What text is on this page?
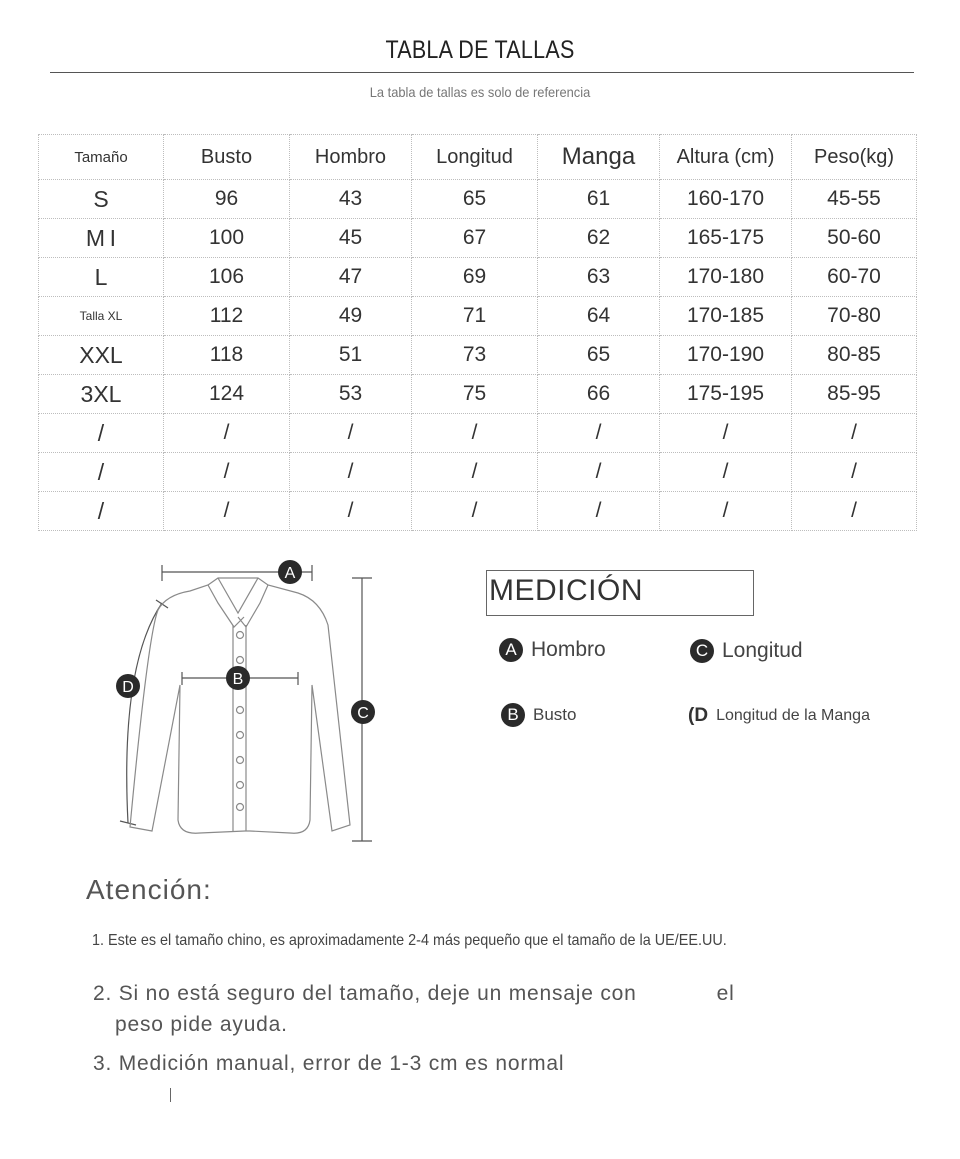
TABLA DE TALLAS
La tabla de tallas es solo de referencia
Tamaño	Busto	Hombro	Longitud	Manga	Altura (cm)	Peso(kg)
S	96	43	65	61	160-170	45-55
M I	100	45	67	62	165-175	50-60
L	106	47	69	63	170-180	60-70
Talla XL	112	49	71	64	170-185	70-80
XXL	118	51	73	65	170-190	80-85
3XL	124	53	75	66	175-195	85-95
/	/	/	/	/	/	/
/	/	/	/	/	/	/
/	/	/	/	/	/	/
A
B
C
D
MEDICIÓN
A Hombro	C Longitud
B Busto	(D Longitud de la Manga
Atención:
1. Este es el tamaño chino, es aproximadamente 2-4 más pequeño que el tamaño de la UE/EE.UU.
2. Si no está seguro del tamaño, deje un mensaje con	el
peso pide ayuda.
3. Medición manual, error de 1-3 cm es normal
